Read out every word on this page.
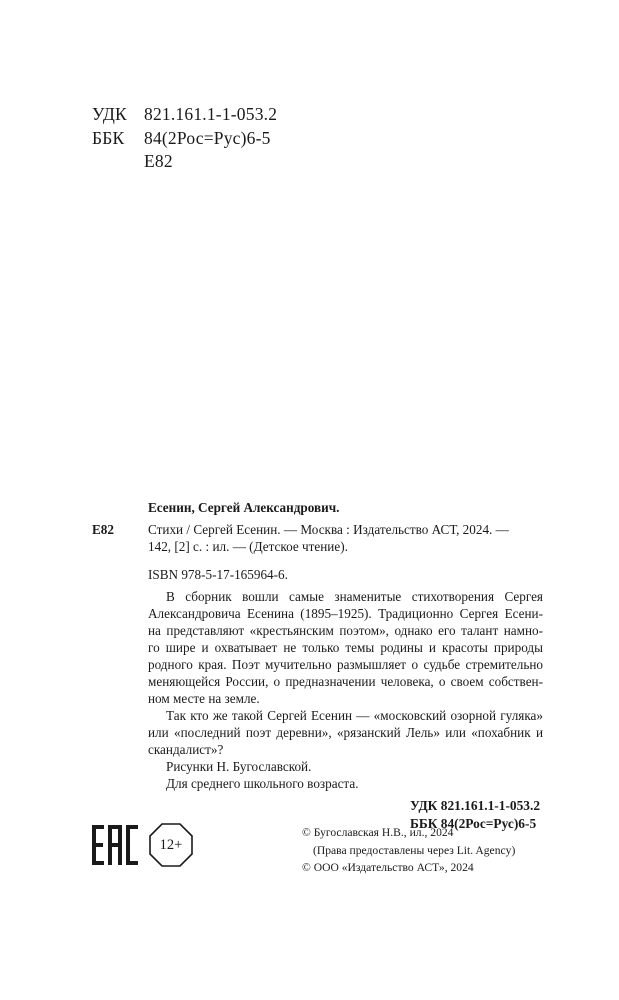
УДК 821.161.1-1-053.2
ББК 84(2Рос=Рус)6-5
Е82
Есенин, Сергей Александрович.
Е82	Стихи / Сергей Есенин. — Москва : Издательство АСТ, 2024. —
142, [2] с. : ил. — (Детское чтение).
ISBN 978-5-17-165964-6.
В сборник вошли самые знаменитые стихотворения Сергея
Александровича Есенина (1895–1925). Традиционно Сергея Есени-
на представляют «крестьянским поэтом», однако его талант намно-
го шире и охватывает не только темы родины и красоты природы
родного края. Поэт мучительно размышляет о судьбе стремительно
меняющейся России, о предназначении человека, о своем собствен-
ном месте на земле.
Так кто же такой Сергей Есенин — «московский озорной гуляка»
или «последний поэт деревни», «рязанский Лель» или «похабник и
скандалист»?
Рисунки Н. Бугославской.
Для среднего школьного возраста.
УДК 821.161.1-1-053.2
ББК 84(2Рос=Рус)6-5
12+
© Бугославская Н.В., ил., 2024
(Права предоставлены через Lit. Agency)
© ООО «Издательство АСТ», 2024
